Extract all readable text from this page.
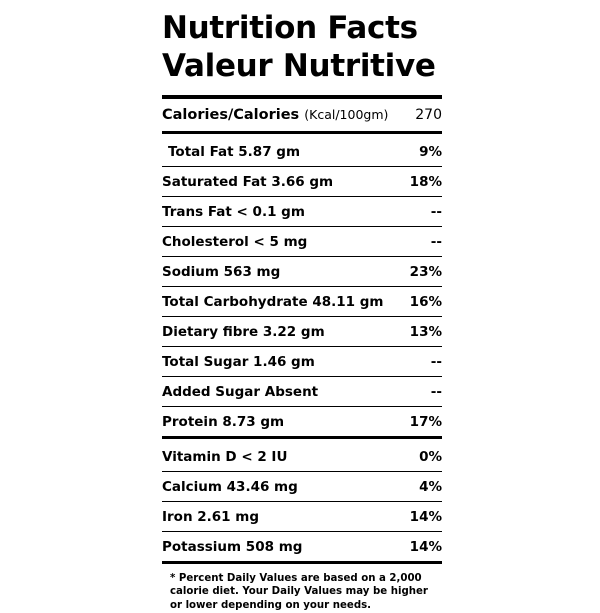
Nutrition Facts
Valeur Nutritive
Calories/Calories (Kcal/100gm)	270
Total Fat 5.87 gm	9%
Saturated Fat 3.66 gm	18%
Trans Fat < 0.1 gm	--
Cholesterol < 5 mg	--
Sodium 563 mg	23%
Total Carbohydrate 48.11 gm	16%
Dietary fibre 3.22 gm	13%
Total Sugar 1.46 gm	--
Added Sugar Absent	--
Protein 8.73 gm	17%
Vitamin D < 2 IU	0%
Calcium 43.46 mg	4%
Iron 2.61 mg	14%
Potassium 508 mg	14%
* Percent Daily Values are based on a 2,000 calorie diet. Your Daily Values may be higher or lower depending on your needs.
